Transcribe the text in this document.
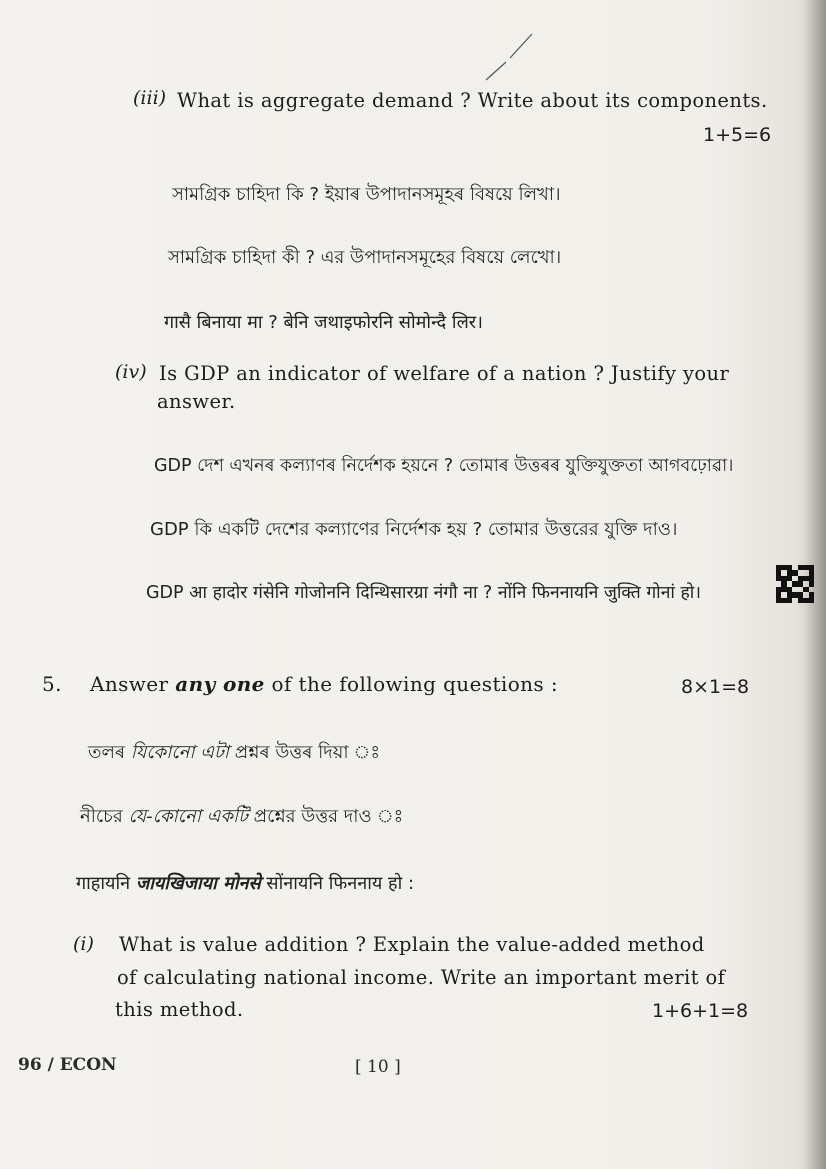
(iii) What is aggregate demand ? Write about its components.
1+5=6
সামগ্রিক চাহিদা কি ? ইয়াৰ উপাদানসমূহৰ বিষয়ে লিখা।
সামগ্রিক চাহিদা কী ? এর উপাদানসমূহের বিষয়ে লেখো।
गासै बिनाया मा ? बेनि जथाइफोरनि सोमोन्दै लिर।
(iv) Is GDP an indicator of welfare of a nation ? Justify your
answer.
GDP দেশ এখনৰ কল্যাণৰ নির্দেশক হয়নে ? তোমাৰ উত্তৰৰ যুক্তিযুক্ততা আগবঢ়োৱা।
GDP কি একটি দেশের কল্যাণের নির্দেশক হয় ? তোমার উত্তরের যুক্তি দাও।
GDP आ हादोर गंसेनि गोजोननि दिन्थिसारग्रा नंगौ ना ? नोंनि फिननायनि जुक्ति गोनां हो।
5. Answer any one of the following questions :	8×1=8
তলৰ যিকোনো এটা প্রশ্নৰ উত্তৰ দিয়া ঃ
নীচের যে-কোনো একটি প্রশ্নের উত্তর দাও ঃ
गाहायनि जायखिजाया मोनसे सोंनायनि फिननाय हो :
(i) What is value addition ? Explain the value-added method
of calculating national income. Write an important merit of
this method.	1+6+1=8
96 / ECON	[ 10 ]
